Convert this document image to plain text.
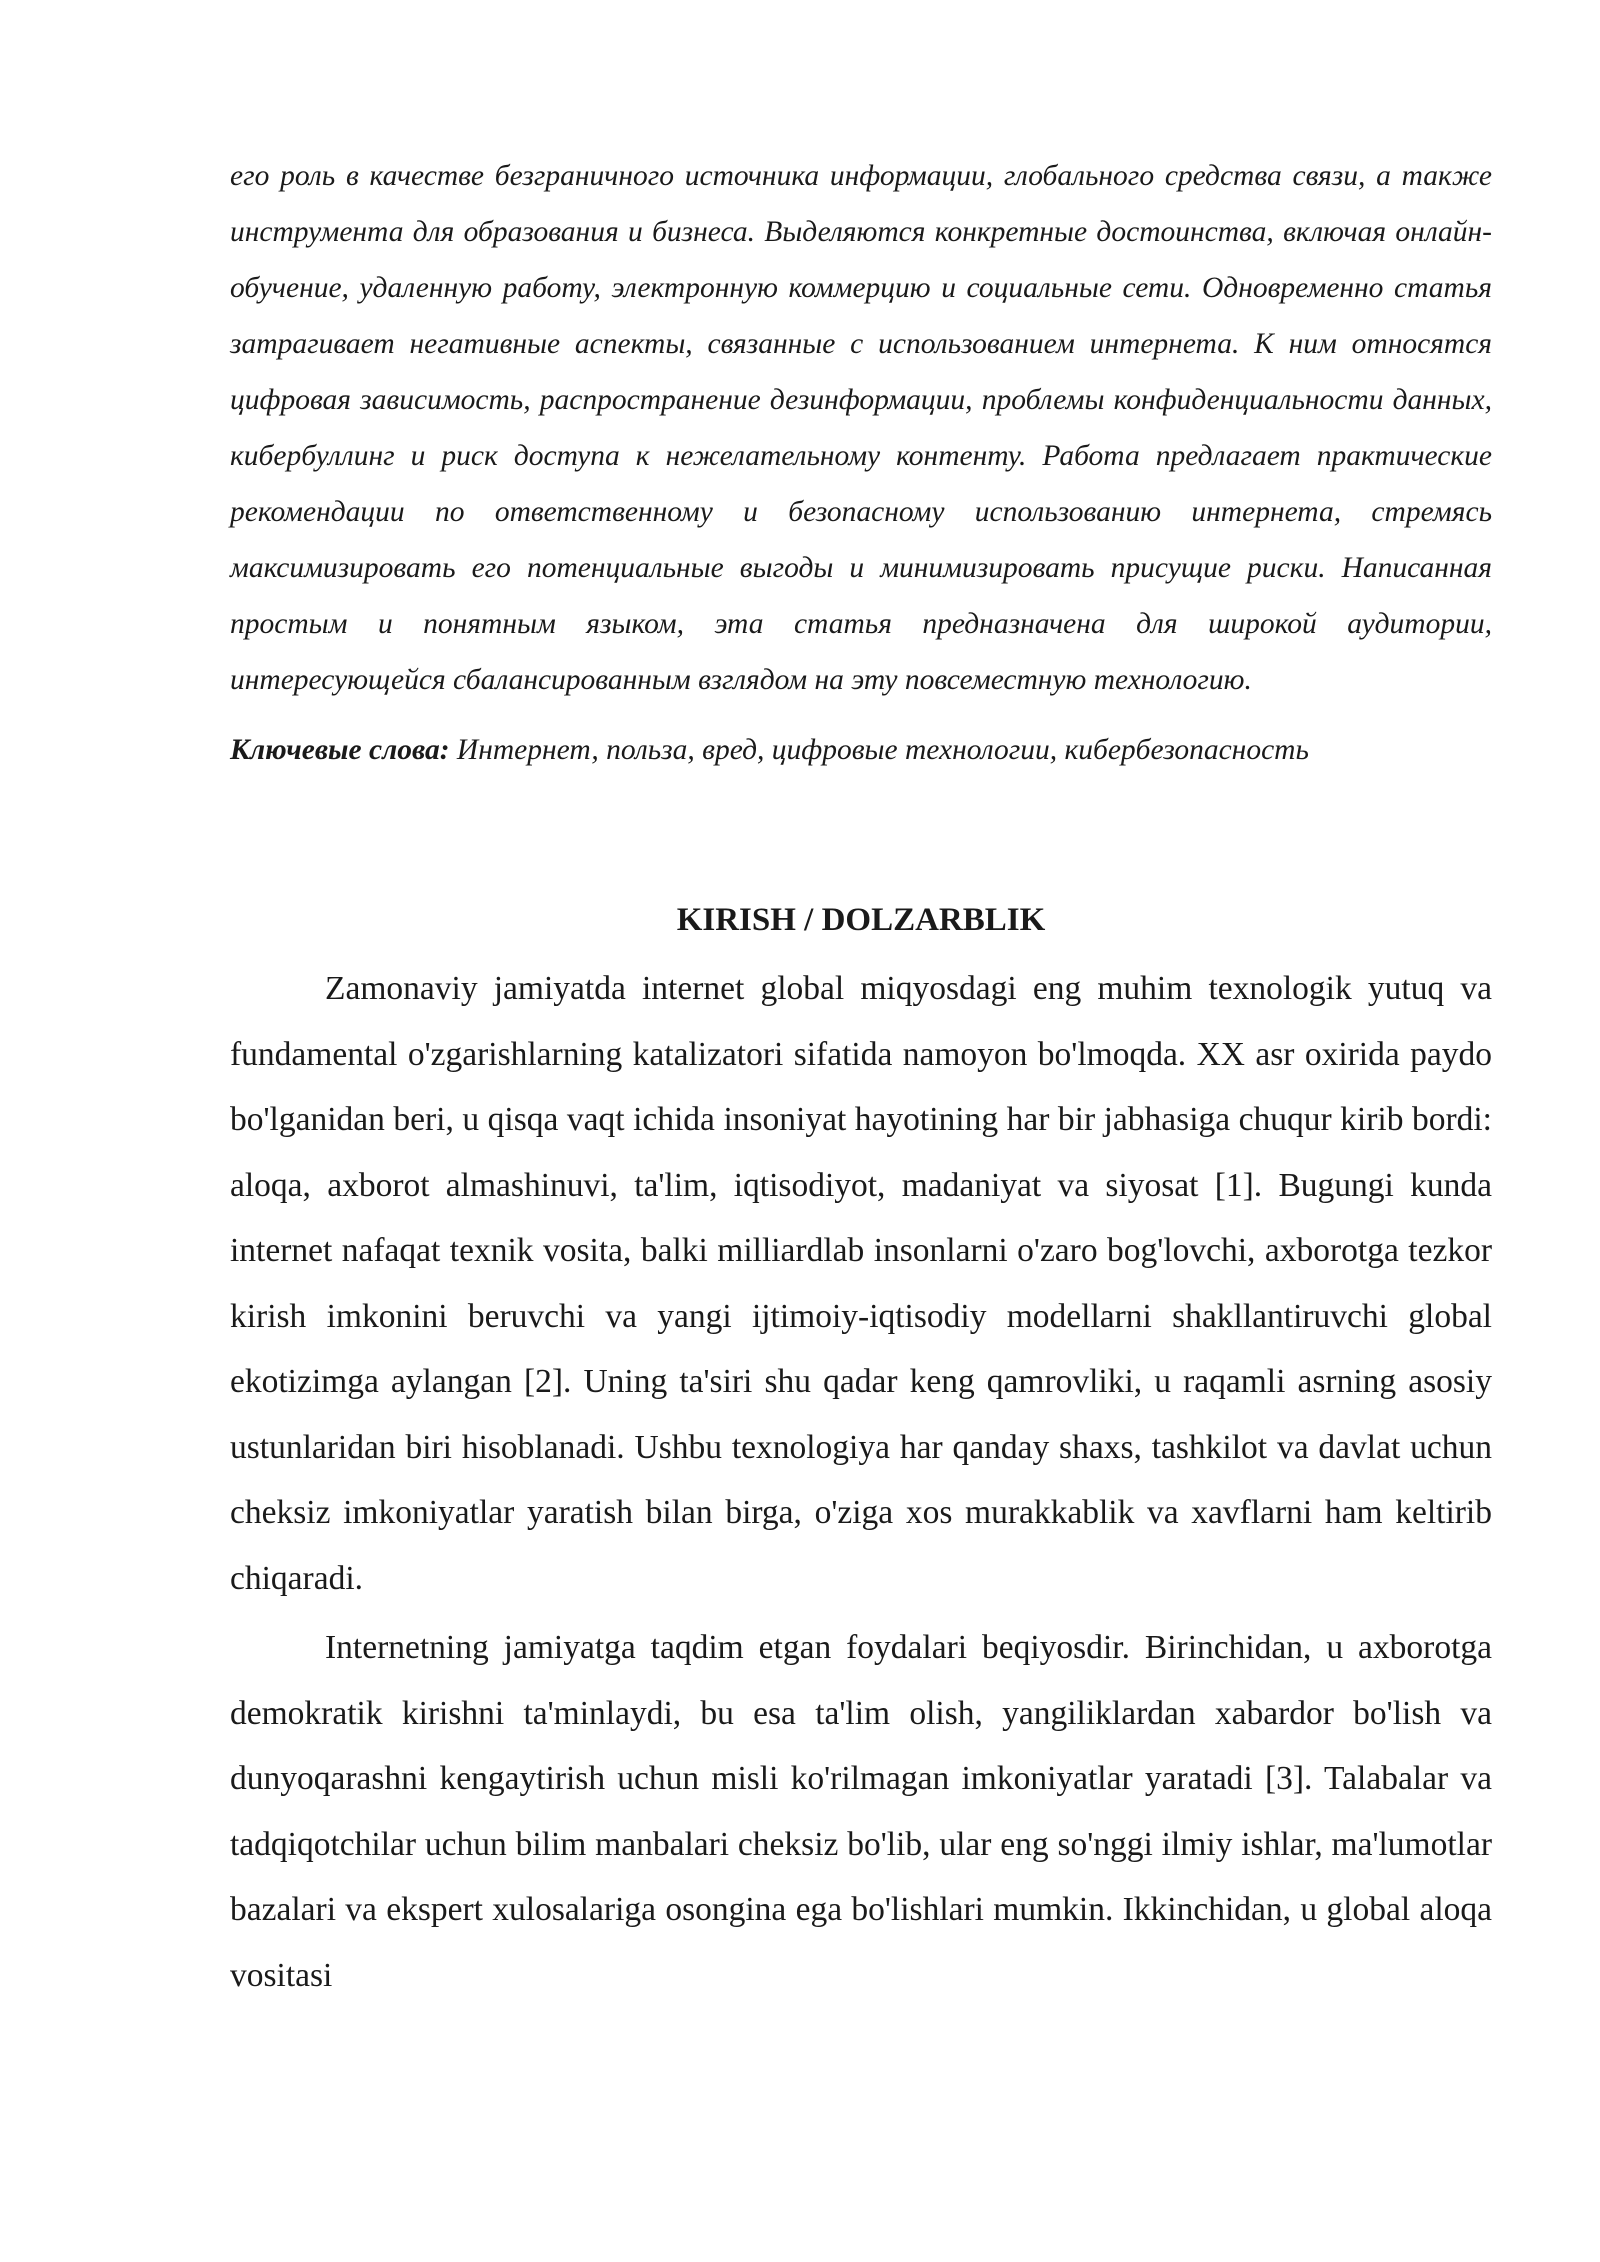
его роль в качестве безграничного источника информации, глобального средства связи, а также инструмента для образования и бизнеса. Выделяются конкретные достоинства, включая онлайн-обучение, удаленную работу, электронную коммерцию и социальные сети. Одновременно статья затрагивает негативные аспекты, связанные с использованием интернета. К ним относятся цифровая зависимость, распространение дезинформации, проблемы конфиденциальности данных, кибербуллинг и риск доступа к нежелательному контенту. Работа предлагает практические рекомендации по ответственному и безопасному использованию интернета, стремясь максимизировать его потенциальные выгоды и минимизировать присущие риски. Написанная простым и понятным языком, эта статья предназначена для широкой аудитории, интересующейся сбалансированным взглядом на эту повсеместную технологию.

Ключевые слова: Интернет, польза, вред, цифровые технологии, кибербезопасность

KIRISH / DOLZARBLIK

Zamonaviy jamiyatda internet global miqyosdagi eng muhim texnologik yutuq va fundamental o'zgarishlarning katalizatori sifatida namoyon bo'lmoqda. XX asr oxirida paydo bo'lganidan beri, u qisqa vaqt ichida insoniyat hayotining har bir jabhasiga chuqur kirib bordi: aloqa, axborot almashinuvi, ta'lim, iqtisodiyot, madaniyat va siyosat [1]. Bugungi kunda internet nafaqat texnik vosita, balki milliardlab insonlarni o'zaro bog'lovchi, axborotga tezkor kirish imkonini beruvchi va yangi ijtimoiy-iqtisodiy modellarni shakllantiruvchi global ekotizimga aylangan [2]. Uning ta'siri shu qadar keng qamrovliki, u raqamli asrning asosiy ustunlaridan biri hisoblanadi. Ushbu texnologiya har qanday shaxs, tashkilot va davlat uchun cheksiz imkoniyatlar yaratish bilan birga, o'ziga xos murakkablik va xavflarni ham keltirib chiqaradi.

Internetning jamiyatga taqdim etgan foydalari beqiyosdir. Birinchidan, u axborotga demokratik kirishni ta'minlaydi, bu esa ta'lim olish, yangiliklardan xabardor bo'lish va dunyoqarashni kengaytirish uchun misli ko'rilmagan imkoniyatlar yaratadi [3]. Talabalar va tadqiqotchilar uchun bilim manbalari cheksiz bo'lib, ular eng so'nggi ilmiy ishlar, ma'lumotlar bazalari va ekspert xulosalariga osongina ega bo'lishlari mumkin. Ikkinchidan, u global aloqa vositasi
